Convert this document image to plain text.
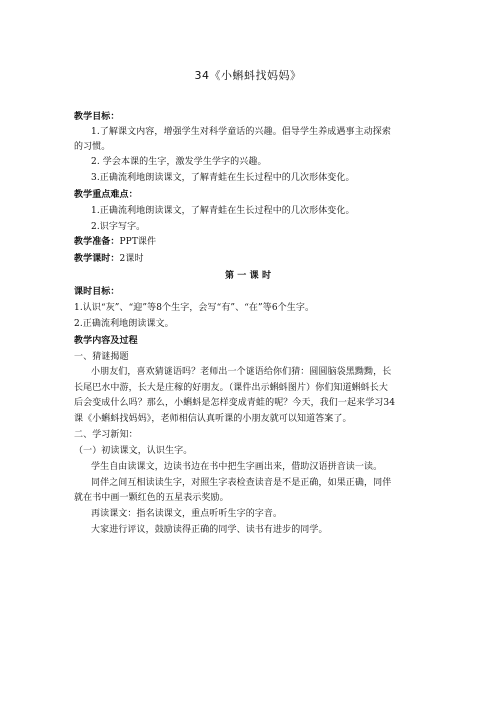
34《小蝌蚪找妈妈》
教学目标：
1.了解课文内容，增强学生对科学童话的兴趣。倡导学生养成遇事主动探索
的习惯。
2. 学会本课的生字，激发学生学字的兴趣。
3.正确流利地朗读课文，了解青蛙在生长过程中的几次形体变化。
教学重点难点：
1.正确流利地朗读课文，了解青蛙在生长过程中的几次形体变化。
2.识字写字。
教学准备：PPT课件
教学课时：2课时
第 一 课 时
课时目标：
1.认识“灰”、“迎”等8个生字，会写“有”、“在”等6个生字。
2.正确流利地朗读课文。
教学内容及过程
一、猜谜揭题
小朋友们，喜欢猜谜语吗？老师出一个谜语给你们猜：圆圆脑袋黑黝黝，长
长尾巴水中游，长大是庄稼的好朋友。（课件出示蝌蚪图片）你们知道蝌蚪长大
后会变成什么吗？那么，小蝌蚪是怎样变成青蛙的呢？今天，我们一起来学习34
课《小蝌蚪找妈妈》，老师相信认真听课的小朋友就可以知道答案了。
二、学习新知：
（一）初读课文，认识生字。
学生自由读课文，边读书边在书中把生字画出来，借助汉语拼音读一读。
同伴之间互相读读生字，对照生字表检查读音是不是正确，如果正确，同伴
就在书中画一颗红色的五星表示奖励。
再读课文：指名读课文，重点听听生字的字音。
大家进行评议，鼓励读得正确的同学、读书有进步的同学。
